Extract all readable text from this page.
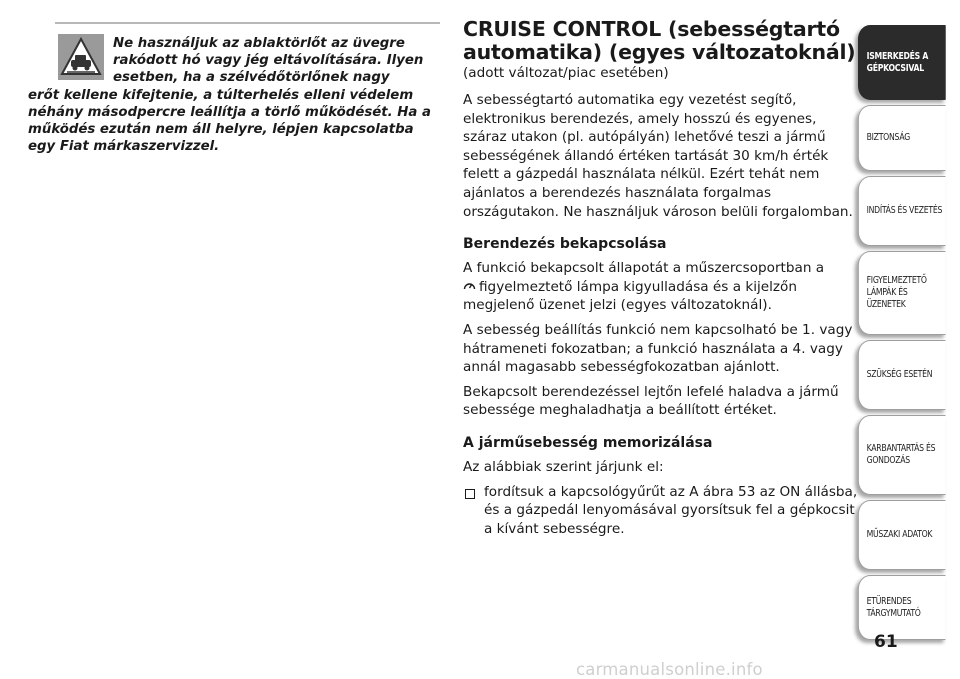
Ne használjuk az ablaktörlőt az üvegre rakódott hó vagy jég eltávolítására. Ilyen esetben, ha a szélvédőtörlőnek nagy
erőt kellene kifejtenie, a túlterhelés elleni védelem néhány másodpercre leállítja a törlő működését. Ha a működés ezután nem áll helyre, lépjen kapcsolatba egy Fiat márkaszervizzel.
CRUISE CONTROL (sebességtartó
automatika) (egyes változatoknál)

(adott változat/piac esetében)

A sebességtartó automatika egy vezetést segítő, elektronikus berendezés, amely hosszú és egyenes, száraz utakon (pl. autópályán) lehetővé teszi a jármű sebességének állandó értéken tartását 30 km/h érték felett a gázpedál használata nélkül. Ezért tehát nem ajánlatos a berendezés használata forgalmas országutakon. Ne használjuk városon belüli forgalomban.

Berendezés bekapcsolása

A funkció bekapcsolt állapotát a műszercsoportban a
figyelmeztető lámpa kigyulladása és a kijelzőn megjelenő üzenet jelzi (egyes változatoknál).

A sebesség beállítás funkció nem kapcsolható be 1. vagy hátrameneti fokozatban; a funkció használata a 4. vagy annál magasabb sebességfokozatban ajánlott.

Bekapcsolt berendezéssel lejtőn lefelé haladva a jármű sebessége meghaladhatja a beállított értéket.

A járműsebesség memorizálása

Az alábbiak szerint járjunk el:

fordítsuk a kapcsológyűrűt az A ábra 53 az ON állásba, és a gázpedál lenyomásával gyorsítsuk fel a gépkocsit a kívánt sebességre.
ISMERKEDÉS A GÉPKOCSIVAL
BIZTONSÁG
INDÍTÁS ÉS VEZETÉS
FIGYELMEZTETŐ LÁMPÁK ÉS ÜZENETEK
SZÜKSÉG ESETÉN
KARBANTARTÁS ÉS GONDOZÁS
MŰSZAKI ADATOK
ETÜRENDES TÁRGYMUTATÓ
61
carmanualsonline.info
